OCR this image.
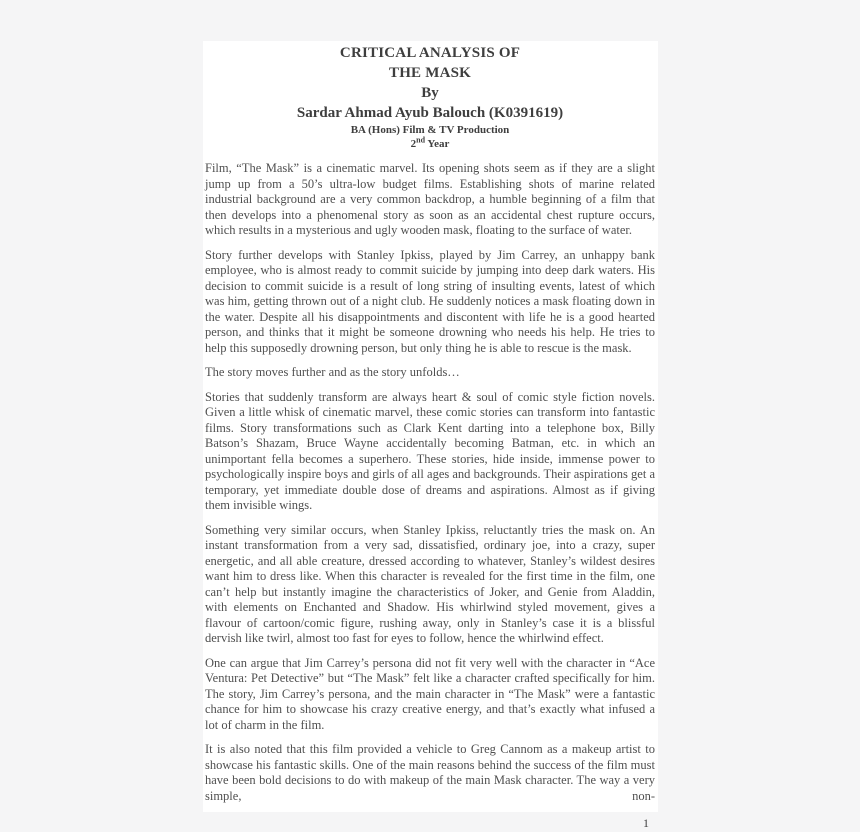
CRITICAL ANALYSIS OF
THE MASK
By
Sardar Ahmad Ayub Balouch (K0391619)
BA (Hons) Film & TV Production
2nd Year

Film, “The Mask” is a cinematic marvel. Its opening shots seem as if they are a slight jump up from a 50’s ultra-low budget films. Establishing shots of marine related industrial background are a very common backdrop, a humble beginning of a film that then develops into a phenomenal story as soon as an accidental chest rupture occurs, which results in a mysterious and ugly wooden mask, floating to the surface of water.

Story further develops with Stanley Ipkiss, played by Jim Carrey, an unhappy bank employee, who is almost ready to commit suicide by jumping into deep dark waters. His decision to commit suicide is a result of long string of insulting events, latest of which was him, getting thrown out of a night club. He suddenly notices a mask floating down in the water. Despite all his disappointments and discontent with life he is a good hearted person, and thinks that it might be someone drowning who needs his help. He tries to help this supposedly drowning person, but only thing he is able to rescue is the mask.

The story moves further and as the story unfolds…

Stories that suddenly transform are always heart & soul of comic style fiction novels. Given a little whisk of cinematic marvel, these comic stories can transform into fantastic films. Story transformations such as Clark Kent darting into a telephone box, Billy Batson’s Shazam, Bruce Wayne accidentally becoming Batman, etc. in which an unimportant fella becomes a superhero. These stories, hide inside, immense power to psychologically inspire boys and girls of all ages and backgrounds. Their aspirations get a temporary, yet immediate double dose of dreams and aspirations. Almost as if giving them invisible wings.

Something very similar occurs, when Stanley Ipkiss, reluctantly tries the mask on. An instant transformation from a very sad, dissatisfied, ordinary joe, into a crazy, super energetic, and all able creature, dressed according to whatever, Stanley’s wildest desires want him to dress like. When this character is revealed for the first time in the film, one can’t help but instantly imagine the characteristics of Joker, and Genie from Aladdin, with elements on Enchanted and Shadow. His whirlwind styled movement, gives a flavour of cartoon/comic figure, rushing away, only in Stanley’s case it is a blissful dervish like twirl, almost too fast for eyes to follow, hence the whirlwind effect.

One can argue that Jim Carrey’s persona did not fit very well with the character in “Ace Ventura: Pet Detective” but “The Mask” felt like a character crafted specifically for him. The story, Jim Carrey’s persona, and the main character in “The Mask” were a fantastic chance for him to showcase his crazy creative energy, and that’s exactly what infused a lot of charm in the film.

It is also noted that this film provided a vehicle to Greg Cannom as a makeup artist to showcase his fantastic skills. One of the main reasons behind the success of the film must have been bold decisions to do with makeup of the main Mask character. The way a very simple, non-

1
